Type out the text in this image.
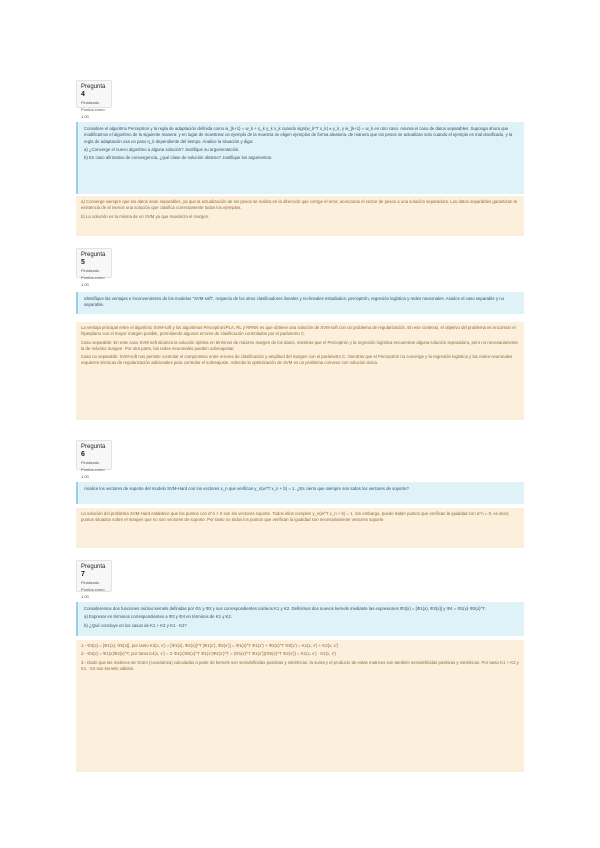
Pregunta 4
Finalizado
Puntúa como 1,00

Considere el algoritmo Perceptron y la regla de adaptación definida como w_{k+1} = w_k + η_k y_k x_k cuando sign(w_k^T x_k) ≠ y_k, y w_{k+1} = w_k en otro caso. Asuma el caso de datos separables. Suponga ahora que modificamos el algoritmo de la siguiente manera: y en lugar de muestrear un ejemplo de la muestra se eligen ejemplos de forma aleatoria, de manera que los pesos se actualizan solo cuando el ejemplo es mal clasificado, y la regla de adaptación usa un paso η_k dependiente del tiempo. Analice la situación y diga:

a) ¿Converge el nuevo algoritmo a alguna solución? Justifique su argumentación.

b) En caso afirmativo de convergencia, ¿qué clase de solución obtiene? Justifique los argumentos.

a) Converge siempre que los datos sean separables, ya que la actualización de los pesos se realiza en la dirección que corrige el error, acercando el vector de pesos a una solución separadora. Los datos separables garantizan la existencia de al menos una solución que clasifica correctamente todos los ejemplos.

b) La solución es la misma de un SVM ya que maximiza el margen.

Pregunta 5
Finalizado
Puntúa como 1,00

Identifique las ventajas e inconvenientes de los modelos "SVM-soft", respecto de los otros clasificadores lineales y no-lineales estudiados: perceptrón, regresión logística y redes neuronales. Analice el caso separable y no separable.

La ventaja principal entre el algoritmo SVM-soft y los algoritmos Perceptron/PLA, RL y RRNN es que obtiene una solución de SVM soft con un problema de regularización. En ese contexto, el objetivo del problema es encontrar el hiperplano con el mayor margen posible, permitiendo algunos errores de clasificación controlados por el parámetro C.

Caso separable: En este caso SVM soft alcanza la solución óptima en términos de máximo margen de los datos, mientras que el Perceptrón y la regresión logística encuentran alguna solución separadora, pero no necesariamente la de máximo margen. Por otra parte, las redes neuronales pueden sobreajustar.

Caso no separable: SVM-soft nos permite controlar el compromiso entre errores de clasificación y amplitud del margen con el parámetro C, mientras que el Perceptrón no converge y la regresión logística y las redes neuronales requieren técnicas de regularización adicionales para controlar el sobreajuste. Además la optimización de SVM es un problema convexo con solución única.

Pregunta 6
Finalizado
Puntúa como 1,00

Analice los vectores de soporte del modelo SVM-Hard con los vectores x_n que verifican y_n(w^T x_n + b) = 1. ¿Es cierto que siempre son todos los vectores de soporte?

La solución del problema SVM-Hard establece que los puntos con α^n > 0 son los vectores soporte. Todos ellos cumplen y_n(w^T x_n + b) = 1. Sin embargo, puede haber puntos que verifican la igualdad con α^n = 0, es decir, puntos situados sobre el margen que no son vectores de soporte. Por tanto no todos los puntos que verifican la igualdad son necesariamente vectores soporte.

Pregunta 7
Finalizado
Puntúa como 1,00

Consideremos dos funciones núcleo kernels definidas por Φ1 y Φ2 y sus correspondientes núcleos K1 y K2. Definimos dos nuevos kernels mediante las expresiones Φ3(x) = [Φ1(x), Φ2(x)] y Φ4 = Φ1(x)·Φ2(x)^T.

a) Expresar en términos correspondientes a Φ3 y Φ4 en términos de K1 y K2.

b) ¿Qué concluye en los casos de K1 + K2 y K1 · K2?

1.- Φ3(x) = [Φ1(x), Φ2(x)], por tanto K3(x, x') = [Φ1(x), Φ2(x)]^T [Φ1(x'), Φ2(x')] = Φ1(x)^T Φ1(x') + Φ2(x)^T Φ2(x') = K1(x, x') + K2(x, x')

2.- Φ4(x) = Φ1(x)Φ2(x)^T, por tanto K4(x, x') = Σ Φ1(x)Φ2(x)^T Φ1(x')Φ2(x')^T = (Φ1(x)^T Φ1(x'))(Φ2(x)^T Φ2(x')) = K1(x, x') · K2(x, x')

3.- Dado que las matrices de Gram (covarianza) calculadas a partir de kernels son semidefinidas positivas y simétricas, la suma y el producto de estas matrices son también semidefinidas positivas y simétricas. Por tanto K1 + K2 y K1 · K2 son kernels válidos.
